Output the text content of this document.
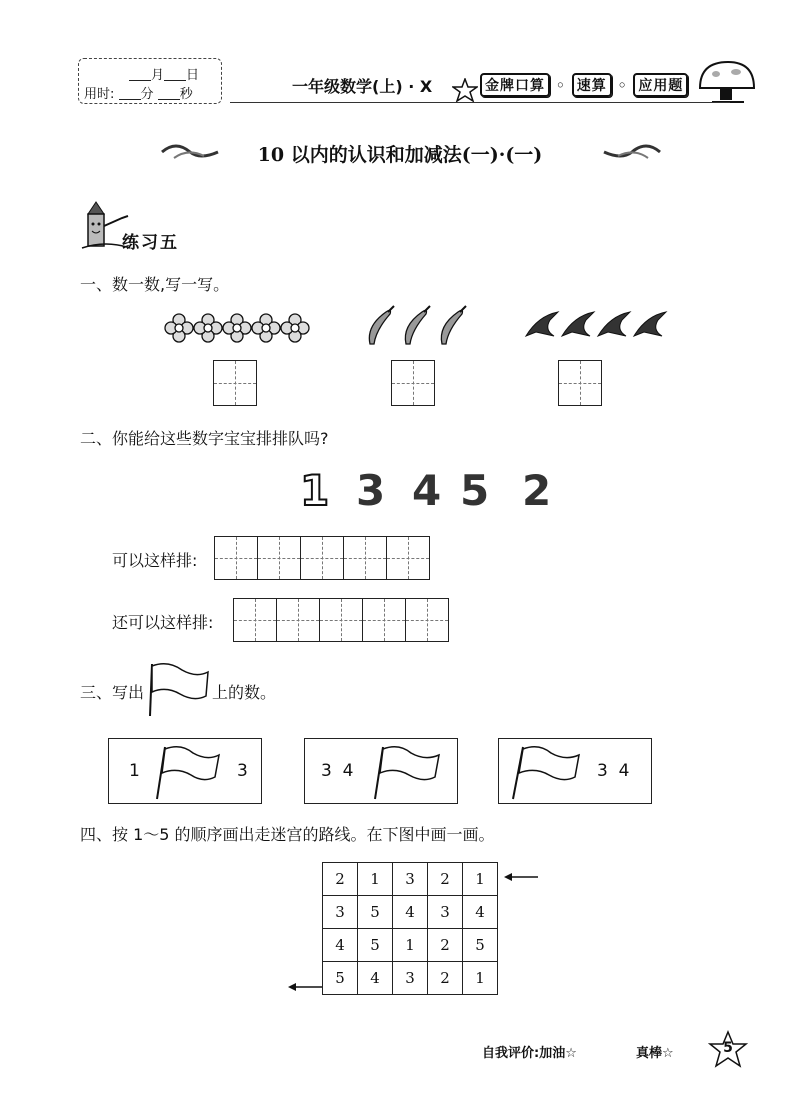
月 日
用时: 分 秒	一年级数学(上) · X	金牌口算 ◦ 速算 ◦ 应用题
10 以内的认识和加减法(一)·(一)
练习五
一、数一数,写一写。
二、你能给这些数字宝宝排排队吗?
1 3 4 5 2
可以这样排:
还可以这样排:
三、写出	上的数。
1	3	3  4	3  4
四、按 1～5 的顺序画出走迷宫的路线。在下图中画一画。
2	1	3	2	1
3	5	4	3	4
4	5	1	2	5
5	4	3	2	1
自我评价:加油☆	真棒☆	5
